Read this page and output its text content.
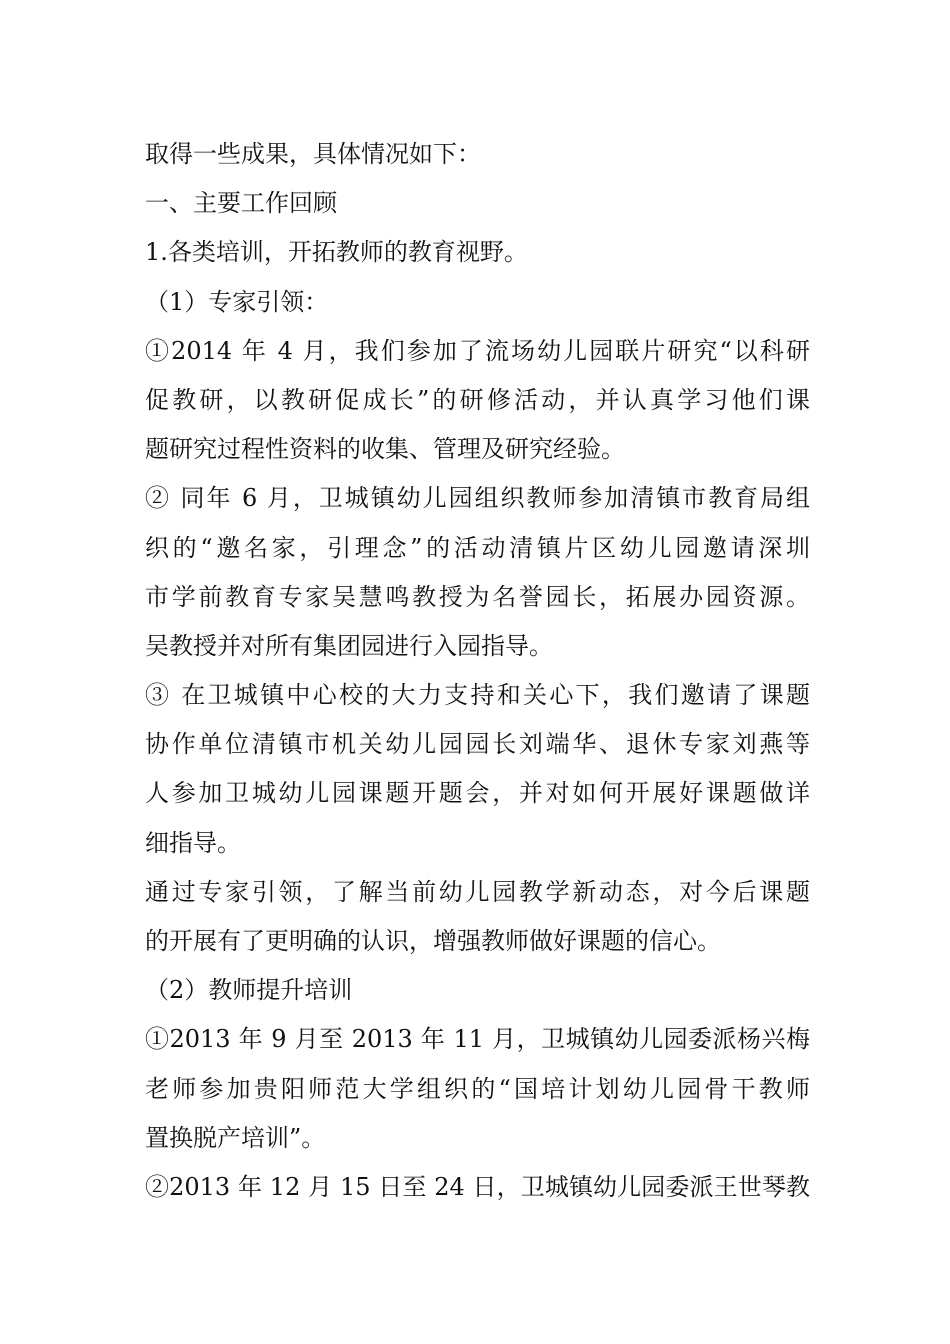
取得一些成果，具体情况如下：
一、主要工作回顾
1.各类培训，开拓教师的教育视野。
（1）专家引领：
①2014 年 4 月，我们参加了流场幼儿园联片研究“以科研
促教研，以教研促成长”的研修活动，并认真学习他们课
题研究过程性资料的收集、管理及研究经验。
② 同年 6 月，卫城镇幼儿园组织教师参加清镇市教育局组
织的“邀名家，引理念”的活动清镇片区幼儿园邀请深圳
市学前教育专家吴慧鸣教授为名誉园长，拓展办园资源。
吴教授并对所有集团园进行入园指导。
③ 在卫城镇中心校的大力支持和关心下，我们邀请了课题
协作单位清镇市机关幼儿园园长刘端华、退休专家刘燕等
人参加卫城幼儿园课题开题会，并对如何开展好课题做详
细指导。
通过专家引领，了解当前幼儿园教学新动态，对今后课题
的开展有了更明确的认识，增强教师做好课题的信心。
（2）教师提升培训
①2013 年 9 月至 2013 年 11 月，卫城镇幼儿园委派杨兴梅
老师参加贵阳师范大学组织的“国培计划幼儿园骨干教师
置换脱产培训”。
②2013 年 12 月 15 日至 24 日，卫城镇幼儿园委派王世琴教
